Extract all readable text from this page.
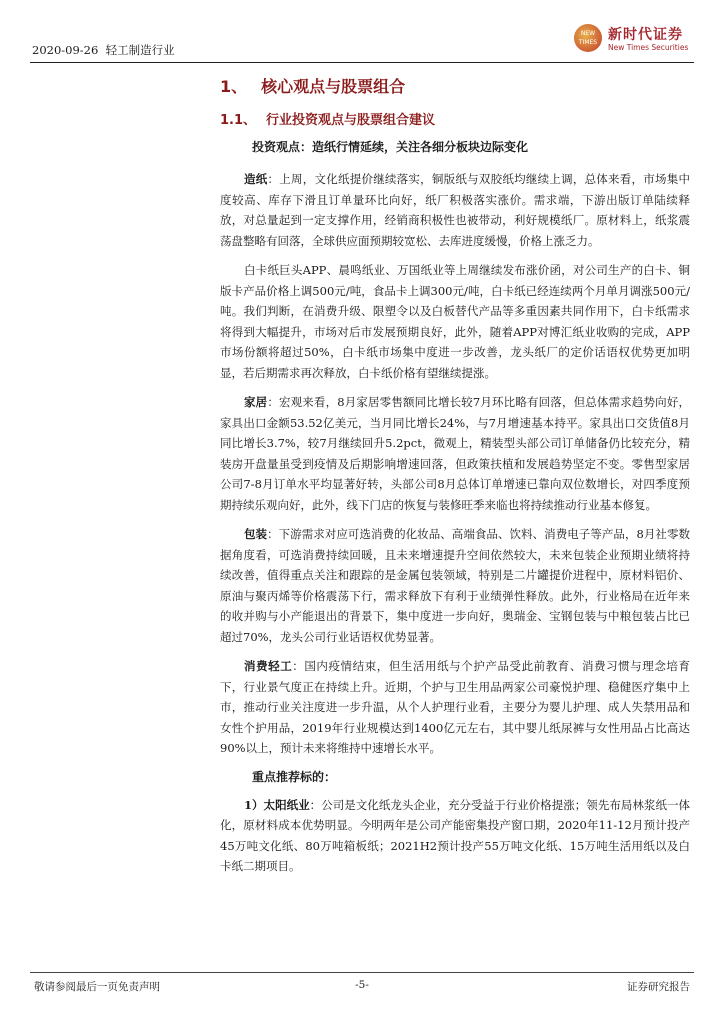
2020-09-26 轻工制造行业
NEW TIMES 新时代证券
New Times Securities
1、 核心观点与股票组合
1.1、 行业投资观点与股票组合建议
投资观点：造纸行情延续，关注各细分板块边际变化

造纸：上周，文化纸提价继续落实，铜版纸与双胶纸均继续上调，总体来看，市场集中度较高、库存下滑且订单量环比向好，纸厂积极落实涨价。需求端，下游出版订单陆续释放，对总量起到一定支撑作用，经销商积极性也被带动，利好规模纸厂。原材料上，纸浆震荡盘整略有回落，全球供应面预期较宽松、去库进度缓慢，价格上涨乏力。

白卡纸巨头APP、晨鸣纸业、万国纸业等上周继续发布涨价函，对公司生产的白卡、铜版卡产品价格上调500元/吨，食品卡上调300元/吨，白卡纸已经连续两个月单月调涨500元/吨。我们判断，在消费升级、限塑令以及白板替代产品等多重因素共同作用下，白卡纸需求将得到大幅提升，市场对后市发展预期良好，此外，随着APP对博汇纸业收购的完成，APP市场份额将超过50%，白卡纸市场集中度进一步改善，龙头纸厂的定价话语权优势更加明显，若后期需求再次释放，白卡纸价格有望继续提涨。

家居：宏观来看，8月家居零售额同比增长较7月环比略有回落，但总体需求趋势向好，家具出口金额53.52亿美元，当月同比增长24%，与7月增速基本持平。家具出口交货值8月同比增长3.7%，较7月继续回升5.2pct，微观上，精装型头部公司订单储备仍比较充分，精装房开盘量虽受到疫情及后期影响增速回落，但政策扶植和发展趋势坚定不变。零售型家居公司7-8月订单水平均显著好转，头部公司8月总体订单增速已靠向双位数增长，对四季度预期持续乐观向好，此外，线下门店的恢复与装修旺季来临也将持续推动行业基本修复。

包装：下游需求对应可选消费的化妆品、高端食品、饮料、消费电子等产品，8月社零数据角度看，可选消费持续回暖，且未来增速提升空间依然较大，未来包装企业预期业绩将持续改善，值得重点关注和跟踪的是金属包装领域，特别是二片罐提价进程中，原材料铝价、原油与聚丙烯等价格震荡下行，需求释放下有利于业绩弹性释放。此外，行业格局在近年来的收并购与小产能退出的背景下，集中度进一步向好，奥瑞金、宝钢包装与中粮包装占比已超过70%，龙头公司行业话语权优势显著。

消费轻工：国内疫情结束，但生活用纸与个护产品受此前教育、消费习惯与理念培育下，行业景气度正在持续上升。近期，个护与卫生用品两家公司豪悦护理、稳健医疗集中上市，推动行业关注度进一步升温，从个人护理行业看，主要分为婴儿护理、成人失禁用品和女性个护用品，2019年行业规模达到1400亿元左右，其中婴儿纸尿裤与女性用品占比高达90%以上，预计未来将维持中速增长水平。

重点推荐标的：

1）太阳纸业：公司是文化纸龙头企业，充分受益于行业价格提涨；领先布局林浆纸一体化，原材料成本优势明显。今明两年是公司产能密集投产窗口期，2020年11-12月预计投产45万吨文化纸、80万吨箱板纸；2021H2预计投产55万吨文化纸、15万吨生活用纸以及白卡纸二期项目。

敬请参阅最后一页免责声明	-5-	证券研究报告
